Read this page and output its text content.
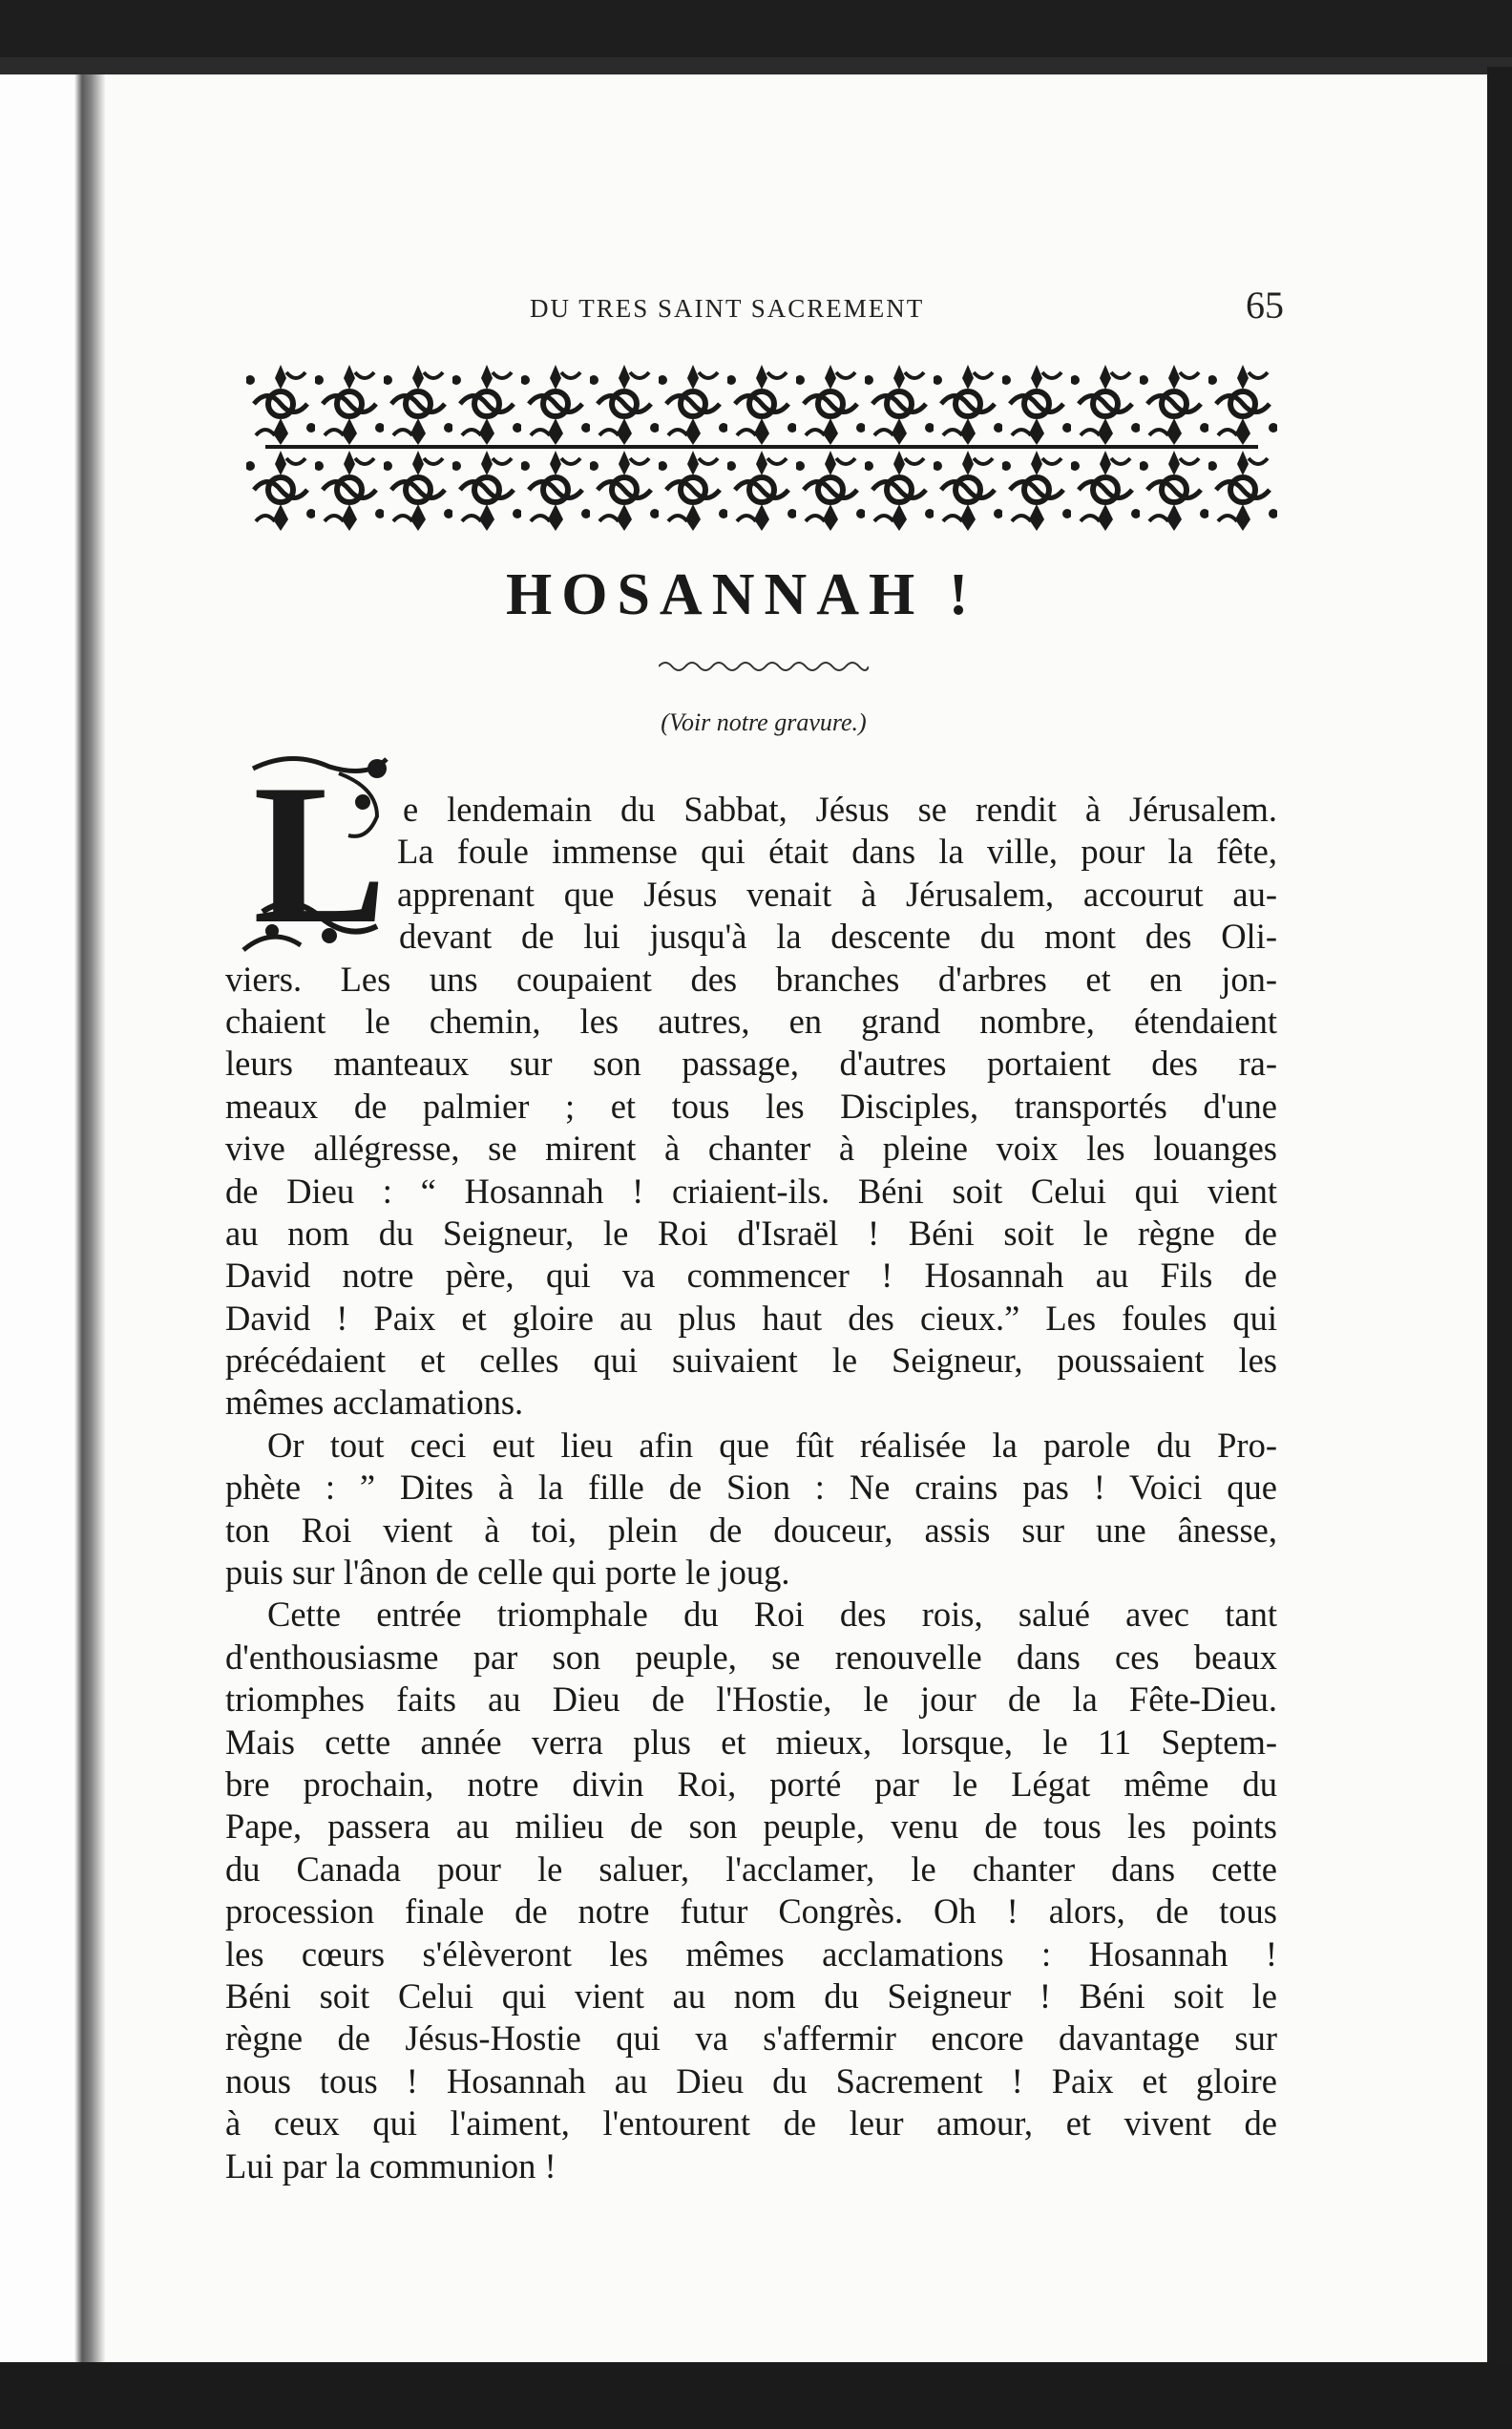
DU TRES SAINT SACREMENT	65
HOSANNAH !
(Voir notre gravure.)
L e lendemain du Sabbat, Jésus se rendit à Jérusalem.
La foule immense qui était dans la ville, pour la fête,
apprenant que Jésus venait à Jérusalem, accourut au-
devant de lui jusqu'à la descente du mont des Oli-
viers. Les uns coupaient des branches d'arbres et en jon-
chaient le chemin, les autres, en grand nombre, étendaient
leurs manteaux sur son passage, d'autres portaient des ra-
meaux de palmier ; et tous les Disciples, transportés d'une
vive allégresse, se mirent à chanter à pleine voix les louanges
de Dieu : “ Hosannah ! criaient-ils. Béni soit Celui qui vient
au nom du Seigneur, le Roi d'Israël ! Béni soit le règne de
David notre père, qui va commencer ! Hosannah au Fils de
David ! Paix et gloire au plus haut des cieux.” Les foules qui
précédaient et celles qui suivaient le Seigneur, poussaient les
mêmes acclamations.
Or tout ceci eut lieu afin que fût réalisée la parole du Pro-
phète : ” Dites à la fille de Sion : Ne crains pas ! Voici que
ton Roi vient à toi, plein de douceur, assis sur une ânesse,
puis sur l'ânon de celle qui porte le joug.
Cette entrée triomphale du Roi des rois, salué avec tant
d'enthousiasme par son peuple, se renouvelle dans ces beaux
triomphes faits au Dieu de l'Hostie, le jour de la Fête-Dieu.
Mais cette année verra plus et mieux, lorsque, le 11 Septem-
bre prochain, notre divin Roi, porté par le Légat même du
Pape, passera au milieu de son peuple, venu de tous les points
du Canada pour le saluer, l'acclamer, le chanter dans cette
procession finale de notre futur Congrès. Oh ! alors, de tous
les cœurs s'élèveront les mêmes acclamations : Hosannah !
Béni soit Celui qui vient au nom du Seigneur ! Béni soit le
règne de Jésus-Hostie qui va s'affermir encore davantage sur
nous tous ! Hosannah au Dieu du Sacrement ! Paix et gloire
à ceux qui l'aiment, l'entourent de leur amour, et vivent de
Lui par la communion !
